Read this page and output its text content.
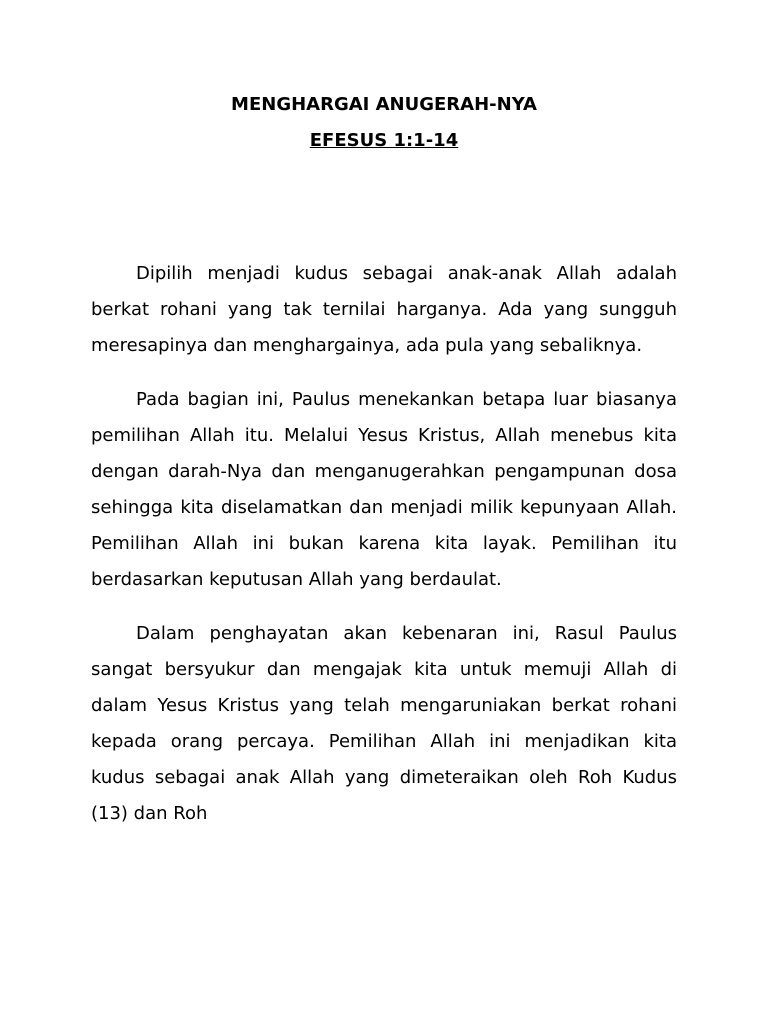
MENGHARGAI ANUGERAH-NYA
EFESUS 1:1-14

Dipilih menjadi kudus sebagai anak-anak Allah adalah berkat rohani yang tak ternilai harganya. Ada yang sungguh meresapinya dan menghargainya, ada pula yang sebaliknya.

Pada bagian ini, Paulus menekankan betapa luar biasanya pemilihan Allah itu. Melalui Yesus Kristus, Allah menebus kita dengan darah-Nya dan menganugerahkan pengampunan dosa sehingga kita diselamatkan dan menjadi milik kepunyaan Allah. Pemilihan Allah ini bukan karena kita layak. Pemilihan itu berdasarkan keputusan Allah yang berdaulat.

Dalam penghayatan akan kebenaran ini, Rasul Paulus sangat bersyukur dan mengajak kita untuk memuji Allah di dalam Yesus Kristus yang telah mengaruniakan berkat rohani kepada orang percaya. Pemilihan Allah ini menjadikan kita kudus sebagai anak Allah yang dimeteraikan oleh Roh Kudus (13) dan Roh
